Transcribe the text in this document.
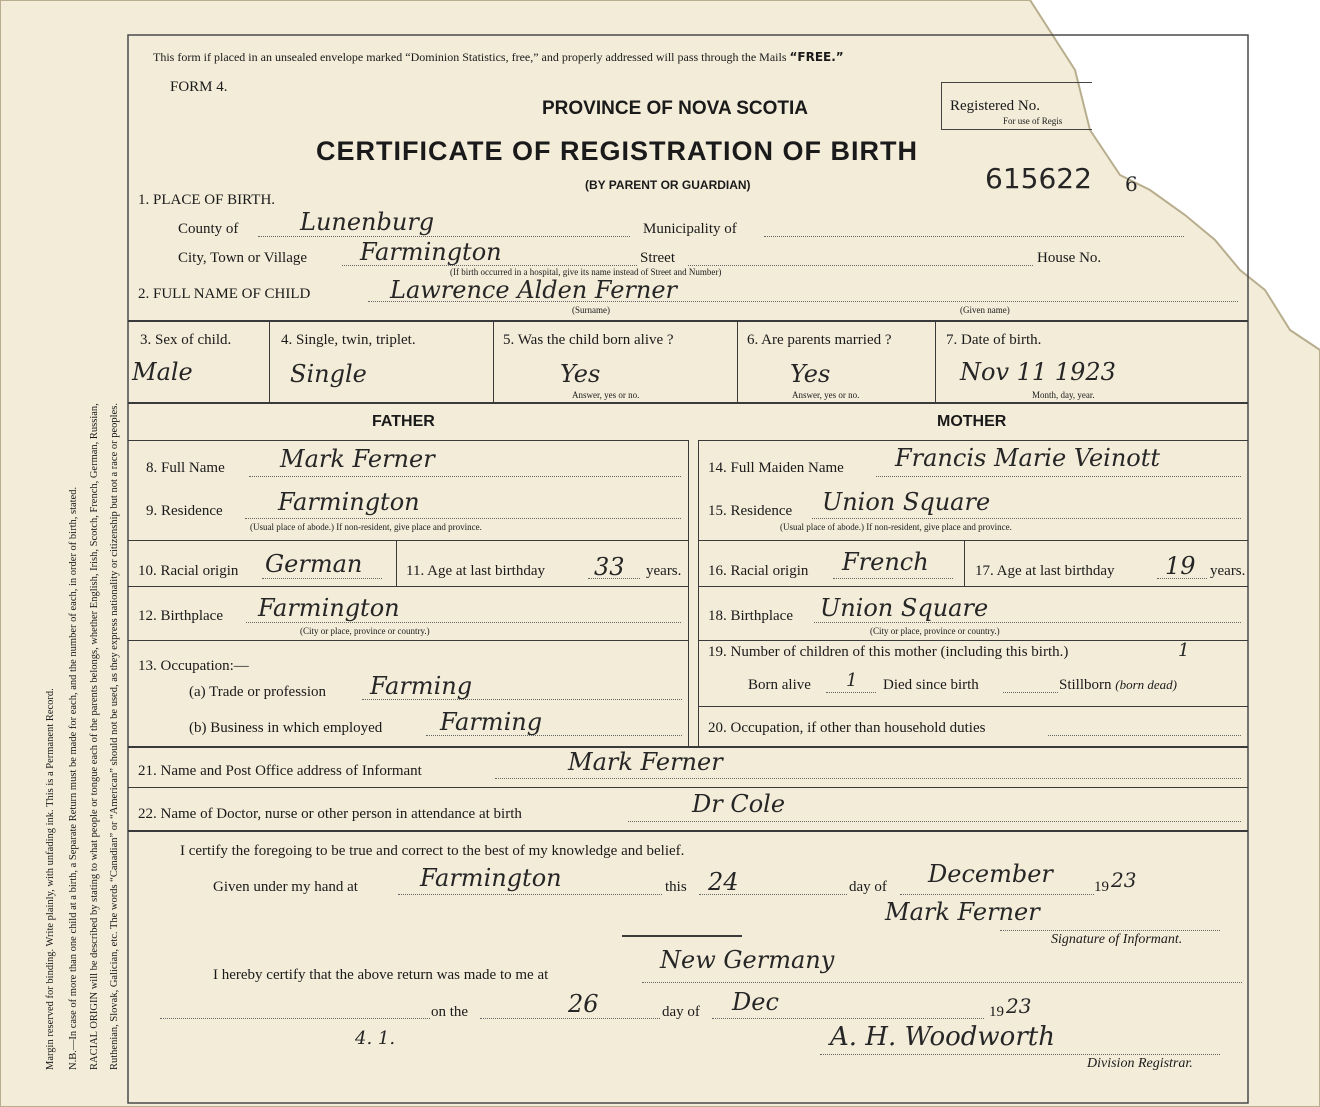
This form if placed in an unsealed envelope marked “Dominion Statistics, free,” and properly addressed will pass through the Mails “FREE.”
FORM 4.
PROVINCE OF NOVA SCOTIA	Registered No.
For use of Regis
CERTIFICATE OF REGISTRATION OF BIRTH
(BY PARENT OR GUARDIAN)	615622 6
Margin reserved for binding. Write plainly, with unfading ink. This is a Permanent Record. N.B.—In case of more than one child at a birth, a Separate Return must be made for each, and the number of each, in order of birth, stated. RACIAL ORIGIN will be described by stating to what people or tongue each of the parents belongs, whether English, Irish, Scotch, French, German, Russian, Ruthenian, Slovak, Galician, etc. The words “Canadian” or “American” should not be used, as they express nationality or citizenship but not a race or peoples.
1. PLACE OF BIRTH.
County of	Lunenburg	Municipality of
City, Town or Village Farmington	Street	House No.
(If birth occurred in a hospital, give its name instead of Street and Number)
2. FULL NAME OF CHILD	Lawrence Alden Ferner
(Surname)	(Given name)
3. Sex of child.
Male
4. Single, twin, triplet.
Single
5. Was the child born alive ?
Yes
Answer, yes or no.
6. Are parents married ?
Yes
Answer, yes or no.
7. Date of birth.
Nov 11 1923
Month, day, year.
FATHER	MOTHER
8. Full Name Mark Ferner
9. Residence Farmington
(Usual place of abode.) If non-resident, give place and province.
10. Racial origin German	11. Age at last birthday 33 years.
12. Birthplace Farmington
(City or place, province or country.)
13. Occupation:—
(a) Trade or profession Farming
(b) Business in which employed Farming
14. Full Maiden Name Francis Marie Veinott
15. Residence Union Square
(Usual place of abode.) If non-resident, give place and province.
16. Racial origin French	17. Age at last birthday 19 years.
18. Birthplace Union Square
(City or place, province or country.)
19. Number of children of this mother (including this birth.)	1
Born alive 1 Died since birth	Stillborn (born dead)
20. Occupation, if other than household duties
21. Name and Post Office address of Informant	Mark Ferner
22. Name of Doctor, nurse or other person in attendance at birth	Dr Cole
I certify the foregoing to be true and correct to the best of my knowledge and belief.
Given under my hand at	Farmington	this 24	day of December	19 23
Mark Ferner
Signature of Informant.
I hereby certify that the above return was made to me at
New Germany
on the	26	day of Dec	19 23
4. 1.	A. H. Woodworth
Division Registrar.
